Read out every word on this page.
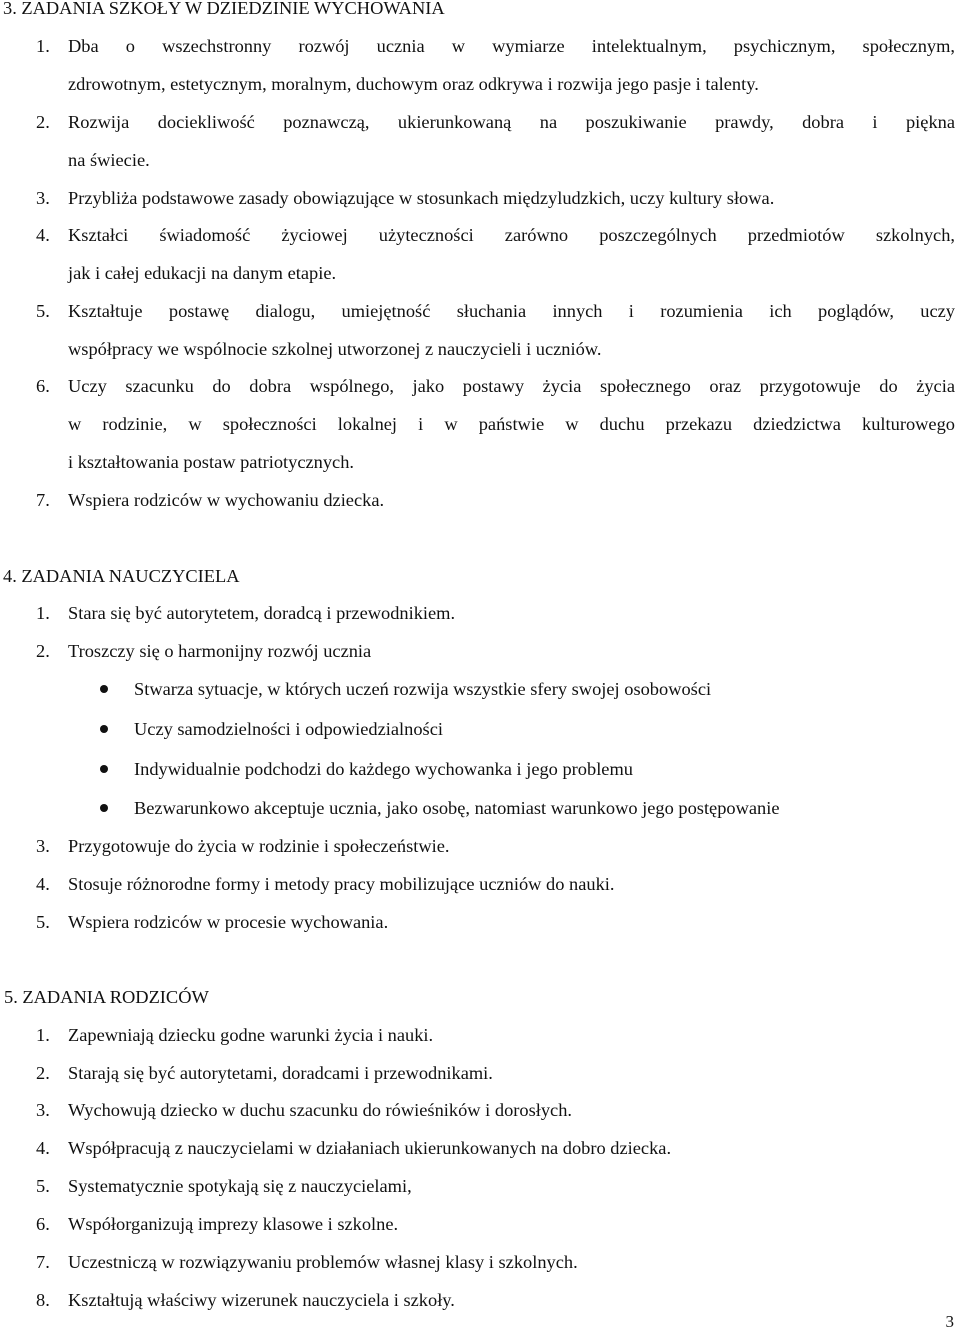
3. ZADANIA SZKOŁY W DZIEDZINIE WYCHOWANIA
1. Dba o wszechstronny rozwój ucznia w wymiarze intelektualnym, psychicznym, społecznym,
zdrowotnym, estetycznym, moralnym, duchowym oraz odkrywa i rozwija jego pasje i talenty.
2. Rozwija dociekliwość poznawczą, ukierunkowaną na poszukiwanie prawdy, dobra i piękna
na świecie.
3. Przybliża podstawowe zasady obowiązujące w stosunkach międzyludzkich, uczy kultury słowa.
4. Kształci świadomość życiowej użyteczności zarówno poszczególnych przedmiotów szkolnych,
jak i całej edukacji na danym etapie.
5. Kształtuje postawę dialogu, umiejętność słuchania innych i rozumienia ich poglądów, uczy
współpracy we wspólnocie szkolnej utworzonej z nauczycieli i uczniów.
6. Uczy szacunku do dobra wspólnego, jako postawy życia społecznego oraz przygotowuje do życia
w rodzinie, w społeczności lokalnej i w państwie w duchu przekazu dziedzictwa kulturowego
i kształtowania postaw patriotycznych.
7. Wspiera rodziców w wychowaniu dziecka.
4. ZADANIA NAUCZYCIELA
1. Stara się być autorytetem, doradcą i przewodnikiem.
2. Troszczy się o harmonijny rozwój ucznia
Stwarza sytuacje, w których uczeń rozwija wszystkie sfery swojej osobowości
Uczy samodzielności i odpowiedzialności
Indywidualnie podchodzi do każdego wychowanka i jego problemu
Bezwarunkowo akceptuje ucznia, jako osobę, natomiast warunkowo jego postępowanie
3. Przygotowuje do życia w rodzinie i społeczeństwie.
4. Stosuje różnorodne formy i metody pracy mobilizujące uczniów do nauki.
5. Wspiera rodziców w procesie wychowania.
5. ZADANIA RODZICÓW
1. Zapewniają dziecku godne warunki życia i nauki.
2. Starają się być autorytetami, doradcami i przewodnikami.
3. Wychowują dziecko w duchu szacunku do rówieśników i dorosłych.
4. Współpracują z nauczycielami w działaniach ukierunkowanych na dobro dziecka.
5. Systematycznie spotykają się z nauczycielami,
6. Współorganizują imprezy klasowe i szkolne.
7. Uczestniczą w rozwiązywaniu problemów własnej klasy i szkolnych.
8. Kształtują właściwy wizerunek nauczyciela i szkoły.
3
